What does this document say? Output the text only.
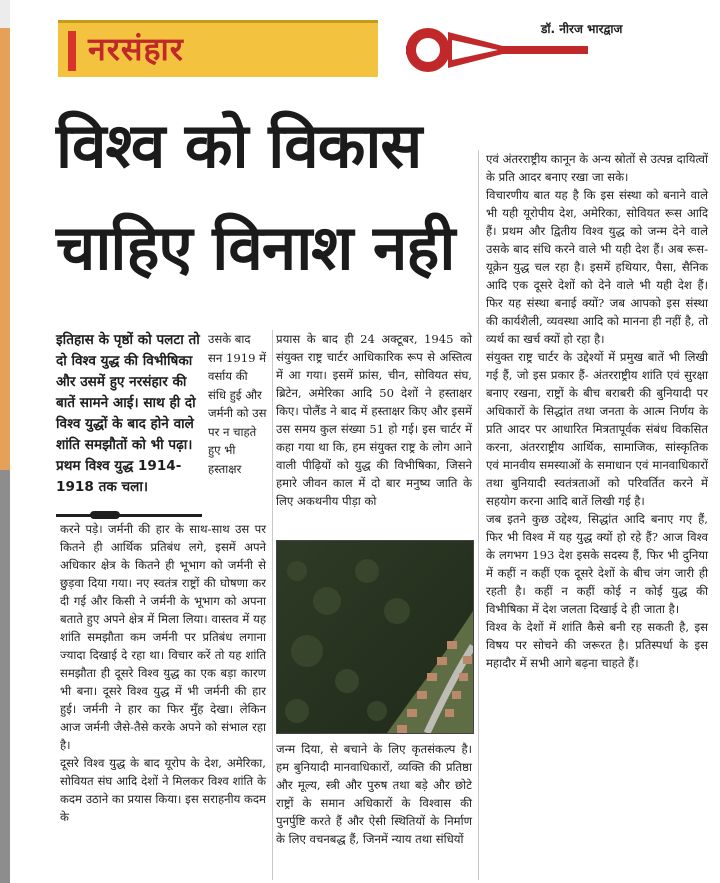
नरसंहार
डॉ. नीरज भारद्वाज
विश्व को विकास
चाहिए विनाश नही

इतिहास के पृष्ठों को पलटा तो दो विश्व युद्ध की विभीषिका और उसमें हुए नरसंहार की बातें सामने आई। साथ ही दो विश्व युद्धों के बाद होने वाले शांति समझौतों को भी पढ़ा। प्रथम विश्व युद्ध 1914-1918 तक चला।

उसके बाद सन 1919 में वर्साय की संधि हुई और जर्मनी को उस पर न चाहते हुए भी हस्ताक्षर

करने पड़े। जर्मनी की हार के साथ-साथ उस पर कितने ही आर्थिक प्रतिबंध लगे, इसमें अपने अधिकार क्षेत्र के कितने ही भूभाग को जर्मनी से छुड़वा दिया गया। नए स्वतंत्र राष्ट्रों की घोषणा कर दी गई और किसी ने जर्मनी के भूभाग को अपना बताते हुए अपने क्षेत्र में मिला लिया। वास्तव में यह शांति समझौता कम जर्मनी पर प्रतिबंध लगाना ज्यादा दिखाई दे रहा था। विचार करें तो यह शांति समझौता ही दूसरे विश्व युद्ध का एक बड़ा कारण भी बना। दूसरे विश्व युद्ध में भी जर्मनी की हार हुई। जर्मनी ने हार का फिर मुँह देखा। लेकिन आज जर्मनी जैसे-तैसे करके अपने को संभाल रहा है।
दूसरे विश्व युद्ध के बाद यूरोप के देश, अमेरिका, सोवियत संघ आदि देशों ने मिलकर विश्व शांति के कदम उठाने का प्रयास किया। इस सराहनीय कदम के

प्रयास के बाद ही 24 अक्टूबर, 1945 को संयुक्त राष्ट्र चार्टर आधिकारिक रूप से अस्तित्व में आ गया। इसमें फ्रांस, चीन, सोवियत संघ, ब्रिटेन, अमेरिका आदि 50 देशों ने हस्ताक्षर किए। पोलैंड ने बाद में हस्ताक्षर किए और इसमें उस समय कुल संख्या 51 हो गई। इस चार्टर में कहा गया था कि, हम संयुक्त राष्ट्र के लोग आने वाली पीढ़ियों को युद्ध की विभीषिका, जिसने हमारे जीवन काल में दो बार मनुष्य जाति के लिए अकथनीय पीड़ा को

जन्म दिया, से बचाने के लिए कृतसंकल्प है। हम बुनियादी मानवाधिकारों, व्यक्ति की प्रतिष्ठा और मूल्य, स्त्री और पुरुष तथा बड़े और छोटे राष्ट्रों के समान अधिकारों के विश्वास की पुनर्पुष्टि करते हैं और ऐसी स्थितियों के निर्माण के लिए वचनबद्ध हैं, जिनमें न्याय तथा संधियों

एवं अंतरराष्ट्रीय कानून के अन्य स्रोतों से उत्पन्न दायित्वों के प्रति आदर बनाए रखा जा सके।
विचारणीय बात यह है कि इस संस्था को बनाने वाले भी यही यूरोपीय देश, अमेरिका, सोवियत रूस आदि हैं। प्रथम और द्वितीय विश्व युद्ध को जन्म देने वाले उसके बाद संधि करने वाले भी यही देश हैं। अब रूस-यूक्रेन युद्ध चल रहा है। इसमें हथियार, पैसा, सैनिक आदि एक दूसरे देशों को देने वाले भी यही देश हैं। फिर यह संस्था बनाई क्यों? जब आपको इस संस्था की कार्यशैली, व्यवस्था आदि को मानना ही नहीं है, तो व्यर्थ का खर्च क्यों हो रहा है।
संयुक्त राष्ट्र चार्टर के उद्देश्यों में प्रमुख बातें भी लिखी गई हैं, जो इस प्रकार हैं- अंतरराष्ट्रीय शांति एवं सुरक्षा बनाए रखना, राष्ट्रों के बीच बराबरी की बुनियादी पर अधिकारों के सिद्धांत तथा जनता के आत्म निर्णय के प्रति आदर पर आधारित मित्रतापूर्वक संबंध विकसित करना, अंतरराष्ट्रीय आर्थिक, सामाजिक, सांस्कृतिक एवं मानवीय समस्याओं के समाधान एवं मानवाधिकारों तथा बुनियादी स्वतंत्रताओं को परिवर्तित करने में सहयोग करना आदि बातें लिखी गई है।
जब इतने कुछ उद्देश्य, सिद्धांत आदि बनाए गए हैं, फिर भी विश्व में यह युद्ध क्यों हो रहे हैं? आज विश्व के लगभग 193 देश इसके सदस्य हैं, फिर भी दुनिया में कहीं न कहीं एक दूसरे देशों के बीच जंग जारी ही रहती है। कहीं न कहीं कोई न कोई युद्ध की विभीषिका में देश जलता दिखाई दे ही जाता है।
विश्व के देशों में शांति कैसे बनी रह सकती है, इस विषय पर सोचने की जरूरत है। प्रतिस्पर्धा के इस महादौर में सभी आगे बढ़ना चाहते हैं।
